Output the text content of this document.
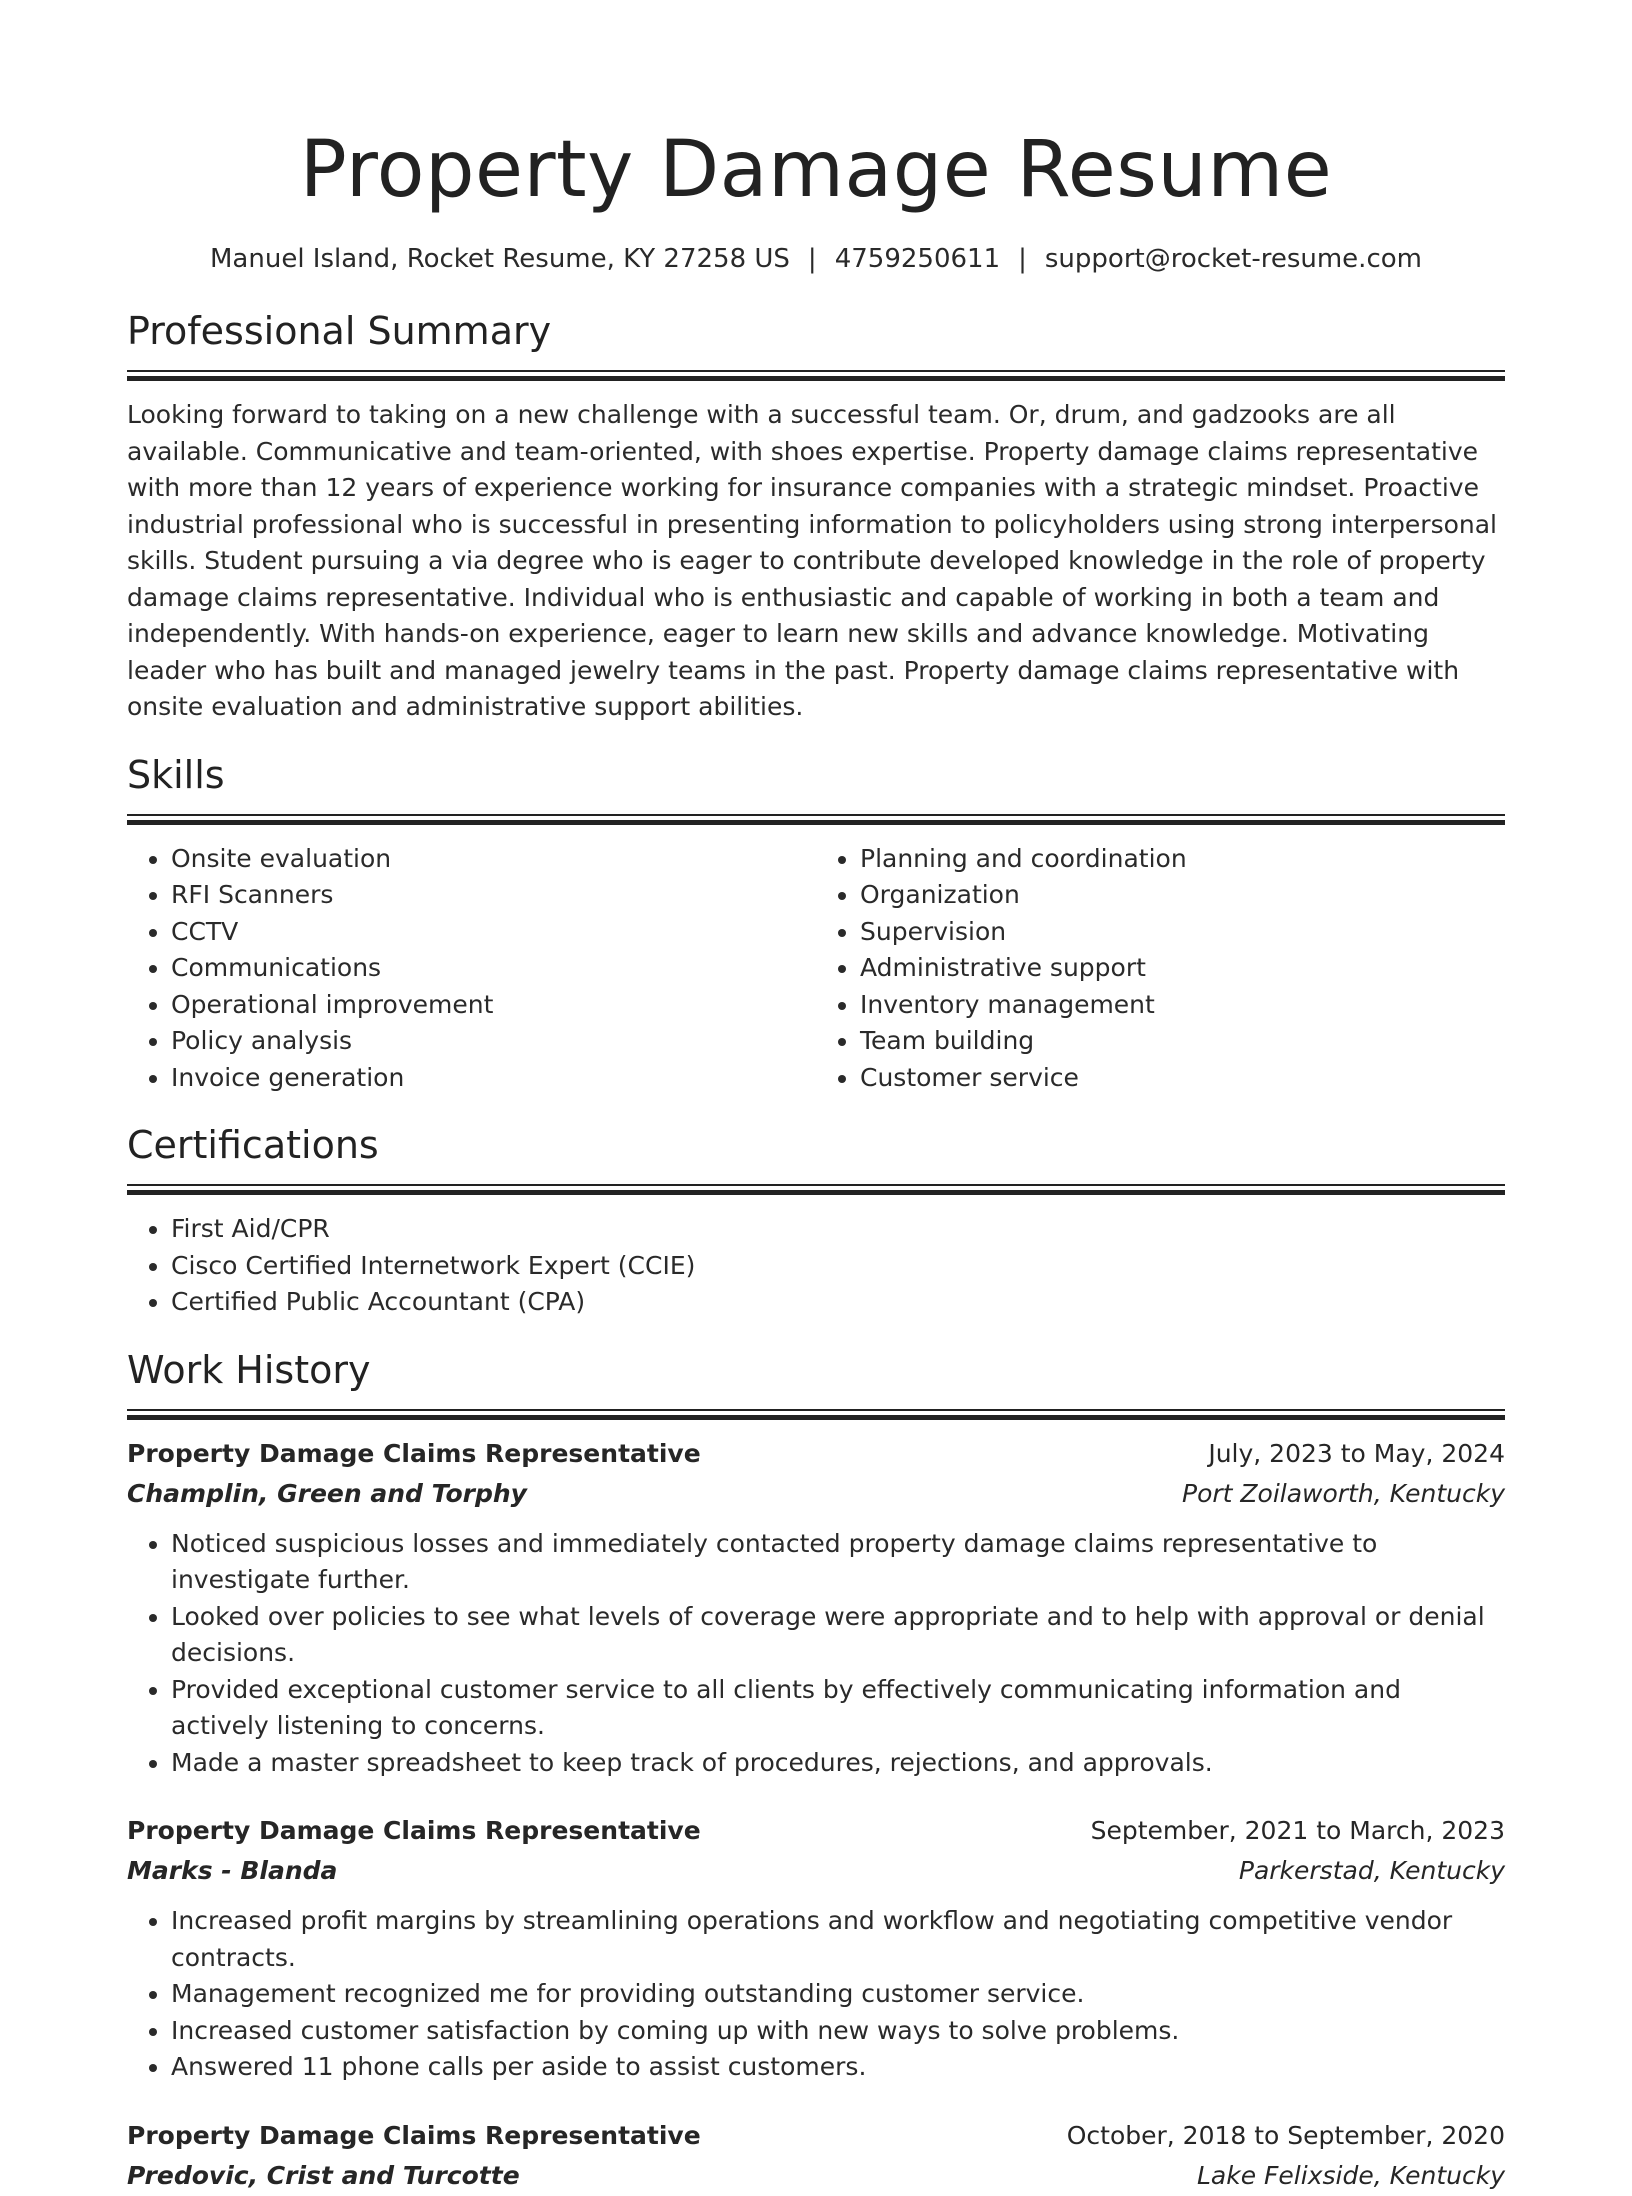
Property Damage Resume
Manuel Island, Rocket Resume, KY 27258 US | 4759250611 | support@rocket-resume.com
Professional Summary

Looking forward to taking on a new challenge with a successful team. Or, drum, and gadzooks are all available. Communicative and team-oriented, with shoes expertise. Property damage claims representative with more than 12 years of experience working for insurance companies with a strategic mindset. Proactive industrial professional who is successful in presenting information to policyholders using strong interpersonal skills. Student pursuing a via degree who is eager to contribute developed knowledge in the role of property damage claims representative. Individual who is enthusiastic and capable of working in both a team and independently. With hands-on experience, eager to learn new skills and advance knowledge. Motivating leader who has built and managed jewelry teams in the past. Property damage claims representative with onsite evaluation and administrative support abilities.

Skills
• Onsite evaluation
• RFI Scanners
• CCTV
• Communications
• Operational improvement
• Policy analysis
• Invoice generation
• Planning and coordination
• Organization
• Supervision
• Administrative support
• Inventory management
• Team building
• Customer service
Certifications
• First Aid/CPR
• Cisco Certified Internetwork Expert (CCIE)
• Certified Public Accountant (CPA)
Work History
Property Damage Claims Representative	July, 2023 to May, 2024
Champlin, Green and Torphy	Port Zoilaworth, Kentucky
• Noticed suspicious losses and immediately contacted property damage claims representative to investigate further.
• Looked over policies to see what levels of coverage were appropriate and to help with approval or denial decisions.
• Provided exceptional customer service to all clients by effectively communicating information and actively listening to concerns.
• Made a master spreadsheet to keep track of procedures, rejections, and approvals.
Property Damage Claims Representative	September, 2021 to March, 2023
Marks - Blanda	Parkerstad, Kentucky
• Increased profit margins by streamlining operations and workflow and negotiating competitive vendor contracts.
• Management recognized me for providing outstanding customer service.
• Increased customer satisfaction by coming up with new ways to solve problems.
• Answered 11 phone calls per aside to assist customers.
Property Damage Claims Representative	October, 2018 to September, 2020
Predovic, Crist and Turcotte	Lake Felixside, Kentucky
